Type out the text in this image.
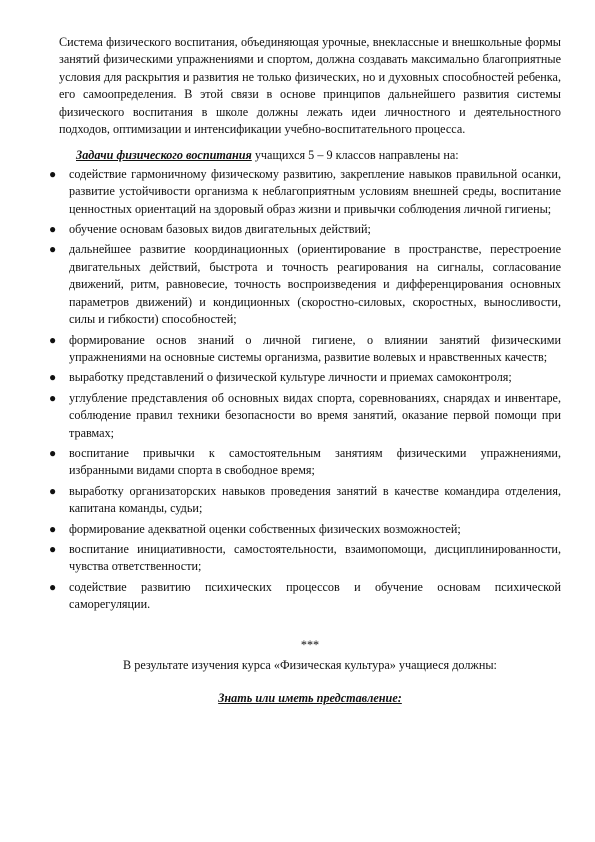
Система физического воспитания, объединяющая урочные, внеклассные и внешкольные формы занятий физическими упражнениями и спортом, должна создавать максимально благоприятные условия для раскрытия и развития не только физических, но и духовных способностей ребенка, его самоопределения. В этой связи в основе принципов дальнейшего развития системы физического воспитания в школе должны лежать идеи личностного и деятельностного подходов, оптимизации и интенсификации учебно-воспитательного процесса.

Задачи физического воспитания учащихся 5 – 9 классов направлены на:

● содействие гармоничному физическому развитию, закрепление навыков правильной осанки, развитие устойчивости организма к неблагоприятным условиям внешней среды, воспитание ценностных ориентаций на здоровый образ жизни и привычки соблюдения личной гигиены;
● обучение основам базовых видов двигательных действий;
● дальнейшее развитие координационных (ориентирование в пространстве, перестроение двигательных действий, быстрота и точность реагирования на сигналы, согласование движений, ритм, равновесие, точность воспроизведения и дифференцирования основных параметров движений) и кондиционных (скоростно-силовых, скоростных, выносливости, силы и гибкости) способностей;
● формирование основ знаний о личной гигиене, о влиянии занятий физическими упражнениями на основные системы организма, развитие волевых и нравственных качеств;
● выработку представлений о физической культуре личности и приемах самоконтроля;
● углубление представления об основных видах спорта, соревнованиях, снарядах и инвентаре, соблюдение правил техники безопасности во время занятий, оказание первой помощи при травмах;
● воспитание привычки к самостоятельным занятиям физическими упражнениями, избранными видами спорта в свободное время;
● выработку организаторских навыков проведения занятий в качестве командира отделения, капитана команды, судьи;
● формирование адекватной оценки собственных физических возможностей;
● воспитание инициативности, самостоятельности, взаимопомощи, дисциплинированности, чувства ответственности;
● содействие развитию психических процессов и обучение основам психической саморегуляции.

***

В результате изучения курса «Физическая культура» учащиеся должны:

Знать или иметь представление:
